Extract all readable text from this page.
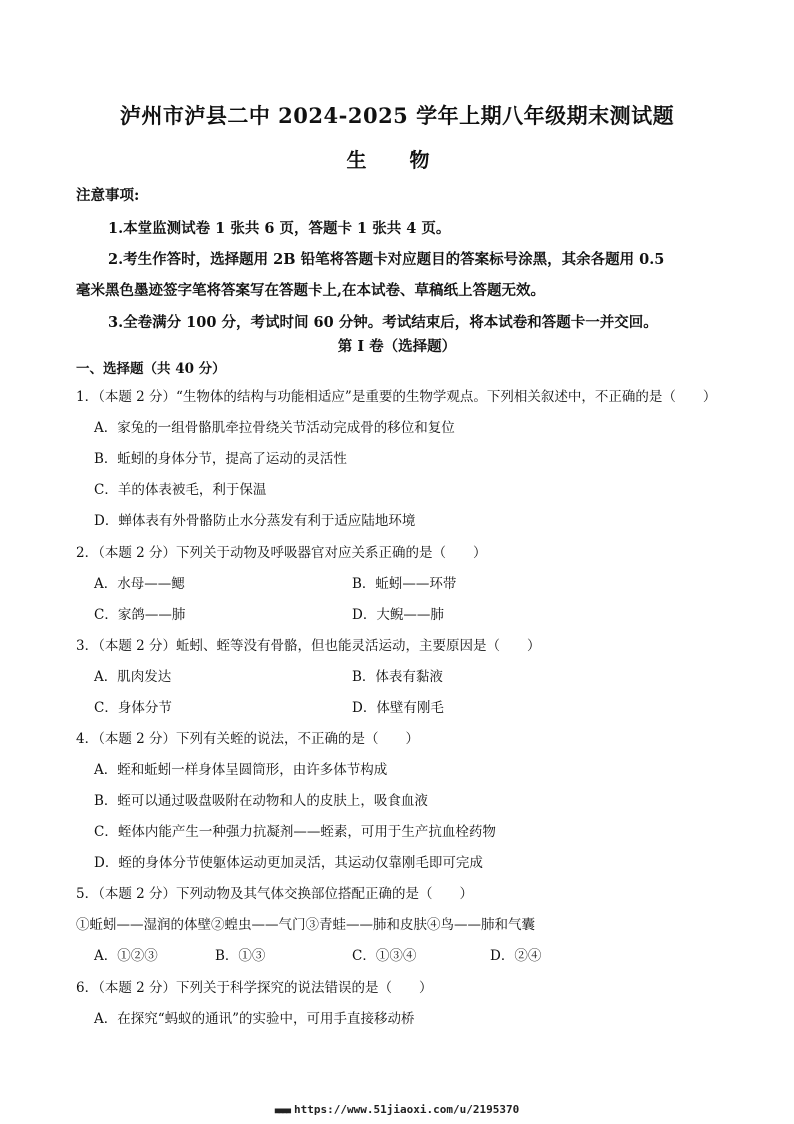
泸州市泸县二中 2024-2025 学年上期八年级期末测试题
生 物
注意事项:
1.本堂监测试卷 1 张共 6 页，答题卡 1 张共 4 页。
2.考生作答时，选择题用 2B 铅笔将答题卡对应题目的答案标号涂黑，其余各题用 0.5
毫米黑色墨迹签字笔将答案写在答题卡上,在本试卷、草稿纸上答题无效。
3.全卷满分 100 分，考试时间 60 分钟。考试结束后，将本试卷和答题卡一并交回。
第 I 卷（选择题）
一、选择题（共 40 分）
1．（本题 2 分）“生物体的结构与功能相适应”是重要的生物学观点。下列相关叙述中，不正确的是（　　）
A．家兔的一组骨骼肌牵拉骨绕关节活动完成骨的移位和复位
B．蚯蚓的身体分节，提高了运动的灵活性
C．羊的体表被毛，利于保温
D．蝉体表有外骨骼防止水分蒸发有利于适应陆地环境
2．（本题 2 分）下列关于动物及呼吸器官对应关系正确的是（　　）
A．水母——鳃	B．蚯蚓——环带
C．家鸽——肺	D．大鲵——肺
3．（本题 2 分）蚯蚓、蛭等没有骨骼，但也能灵活运动，主要原因是（　　）
A．肌肉发达	B．体表有黏液
C．身体分节	D．体壁有刚毛
4．（本题 2 分）下列有关蛭的说法，不正确的是（　　）
A．蛭和蚯蚓一样身体呈圆筒形，由许多体节构成
B．蛭可以通过吸盘吸附在动物和人的皮肤上，吸食血液
C．蛭体内能产生一种强力抗凝剂——蛭素，可用于生产抗血栓药物
D．蛭的身体分节使躯体运动更加灵活，其运动仅靠刚毛即可完成
5．（本题 2 分）下列动物及其气体交换部位搭配正确的是（　　）
①蚯蚓——湿润的体壁②蝗虫——气门③青蛙——肺和皮肤④鸟——肺和气囊
A．①②③	B．①③	C．①③④	D．②④
6．（本题 2 分）下列关于科学探究的说法错误的是（　　）
A．在探究“蚂蚁的通讯”的实验中，可用手直接移动桥
■■■■ https://www.51jiaoxi.com/u/2195370
